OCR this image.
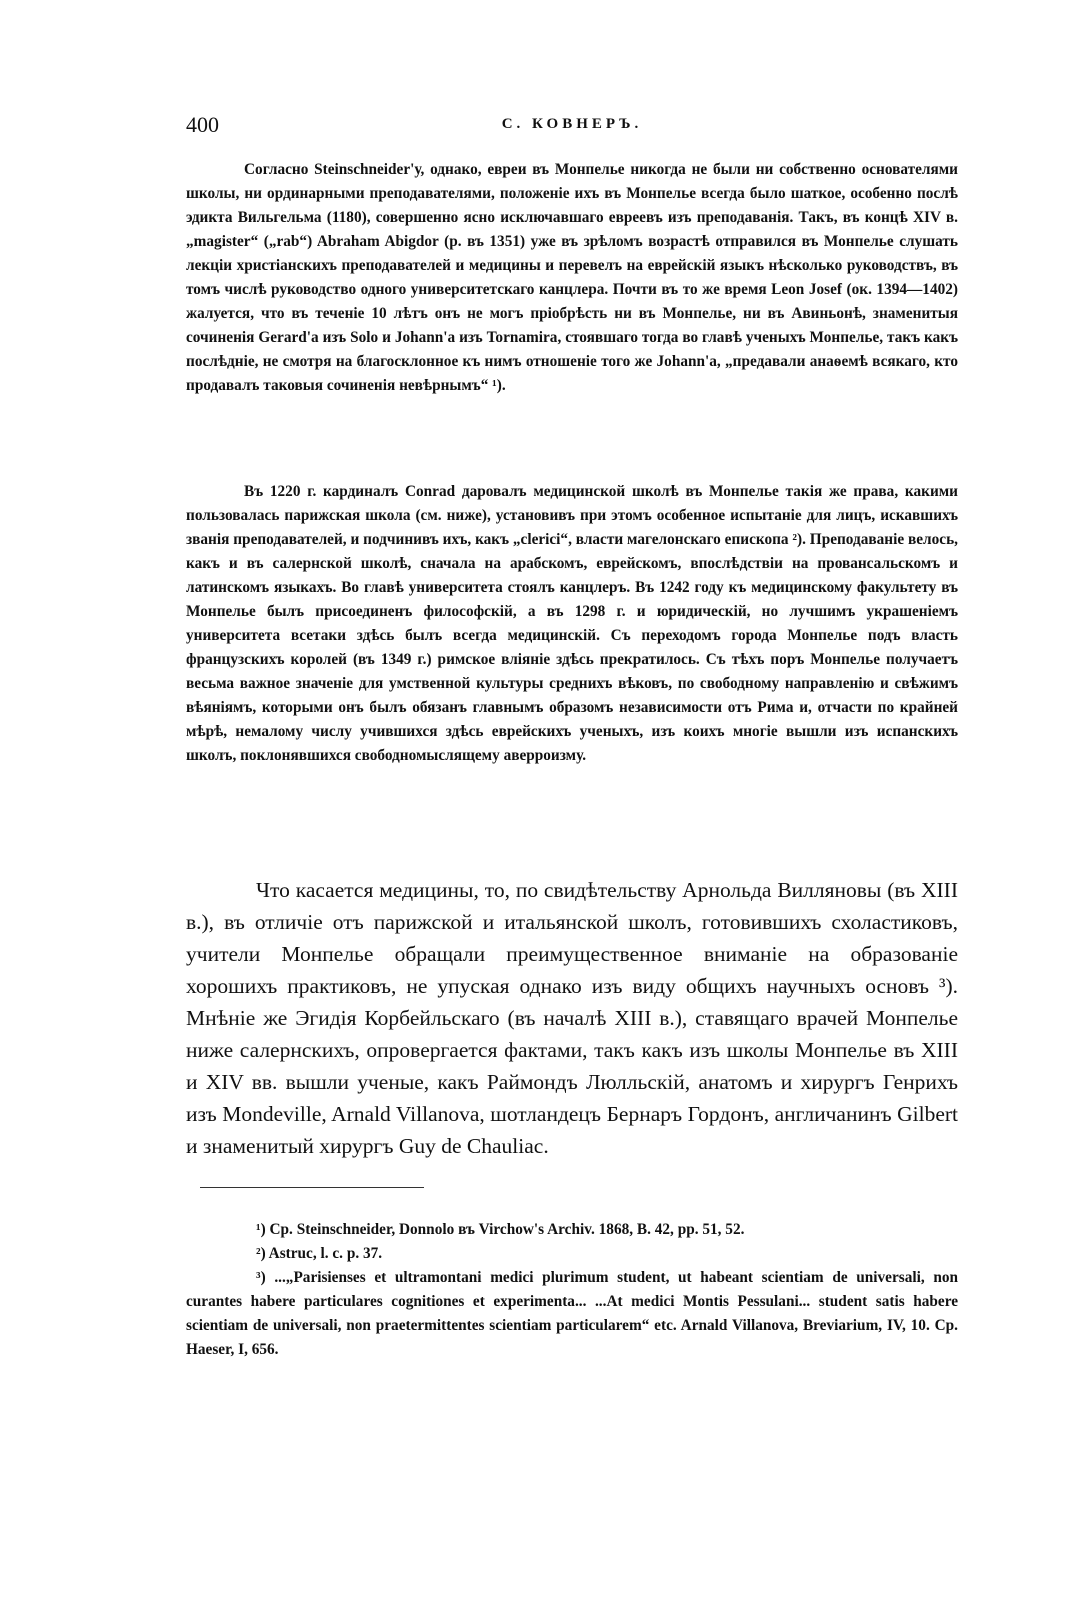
400	С. КОВНЕРЪ.

Согласно Steinschneider'у, однако, евреи въ Монпелье никогда не были ни собственно основателями школы, ни ординарными преподавателями, положеніе ихъ въ Монпелье всегда было шаткое, особенно послѣ эдикта Вильгельма (1180), совершенно ясно исключавшаго евреевъ изъ преподаванія. Такъ, въ концѣ XIV в. „magister“ („rab“) Abraham Abigdor (р. въ 1351) уже въ зрѣломъ возрастѣ отправился въ Монпелье слушать лекціи христіанскихъ преподавателей и медицины и перевелъ на еврейскій языкъ нѣсколько руководствъ, въ томъ числѣ руководство одного университетскаго канцлера. Почти въ то же время Leon Josef (ок. 1394—1402) жалуется, что въ теченіе 10 лѣтъ онъ не могъ пріобрѣсть ни въ Монпелье, ни въ Авиньонѣ, знаменитыя сочиненія Gerard'а изъ Solo и Johann'а изъ Tornamira, стоявшаго тогда во главѣ ученыхъ Монпелье, такъ какъ послѣдніе, не смотря на благосклонное къ нимъ отношеніе того же Johann'а, „предавали анаѳемѣ всякаго, кто продавалъ таковыя сочиненія невѣрнымъ“ ¹).

Въ 1220 г. кардиналъ Conrad даровалъ медицинской школѣ въ Монпелье такія же права, какими пользовалась парижская школа (см. ниже), установивъ при этомъ особенное испытаніе для лицъ, искавшихъ званія преподавателей, и подчинивъ ихъ, какъ „clerici“, власти магелонскаго епископа ²). Преподаваніе велось, какъ и въ салернской школѣ, сначала на арабскомъ, еврейскомъ, впослѣдствіи на провансальскомъ и латинскомъ языкахъ. Во главѣ университета стоялъ канцлеръ. Въ 1242 году къ медицинскому факультету въ Монпелье былъ присоединенъ философскій, а въ 1298 г. и юридическій, но лучшимъ украшеніемъ университета всетаки здѣсь былъ всегда медицинскій. Съ переходомъ города Монпелье подъ власть французскихъ королей (въ 1349 г.) римское вліяніе здѣсь прекратилось. Съ тѣхъ поръ Монпелье получаетъ весьма важное значеніе для умственной культуры среднихъ вѣковъ, по свободному направленію и свѣжимъ вѣяніямъ, которыми онъ былъ обязанъ главнымъ образомъ независимости отъ Рима и, отчасти по крайней мѣрѣ, немалому числу учившихся здѣсь еврейскихъ ученыхъ, изъ коихъ многіе вышли изъ испанскихъ школъ, поклонявшихся свободномыслящему аверроизму.

Что касается медицины, то, по свидѣтельству Арнольда Вилляновы (въ XIII в.), въ отличіе отъ парижской и итальянской школъ, готовившихъ схоластиковъ, учители Монпелье обращали преимущественное вниманіе на образованіе хорошихъ практиковъ, не упуская однако изъ виду общихъ научныхъ основъ ³). Мнѣніе же Эгидія Корбейльскаго (въ началѣ XIII в.), ставящаго врачей Монпелье ниже салернскихъ, опровергается фактами, такъ какъ изъ школы Монпелье въ XIII и XIV вв. вышли ученые, какъ Раймондъ Люлльскій, анатомъ и хирургъ Генрихъ изъ Mondeville, Arnald Villanova, шотландецъ Бернаръ Гордонъ, англичанинъ Gilbert и знаменитый хирургъ Guy de Chauliac.

¹) Ср. Steinschneider, Donnolo въ Virchow's Archiv. 1868, B. 42, pp. 51, 52.

²) Astruc, l. c. p. 37.

³) ...„Parisienses et ultramontani medici plurimum student, ut habeant scientiam de universali, non curantes habere particulares cognitiones et experimenta... ...At medici Montis Pessulani... student satis habere scientiam de universali, non praetermittentes scientiam particularem“ etc. Arnald Villanova, Breviarium, IV, 10. Ср. Haeser, I, 656.
